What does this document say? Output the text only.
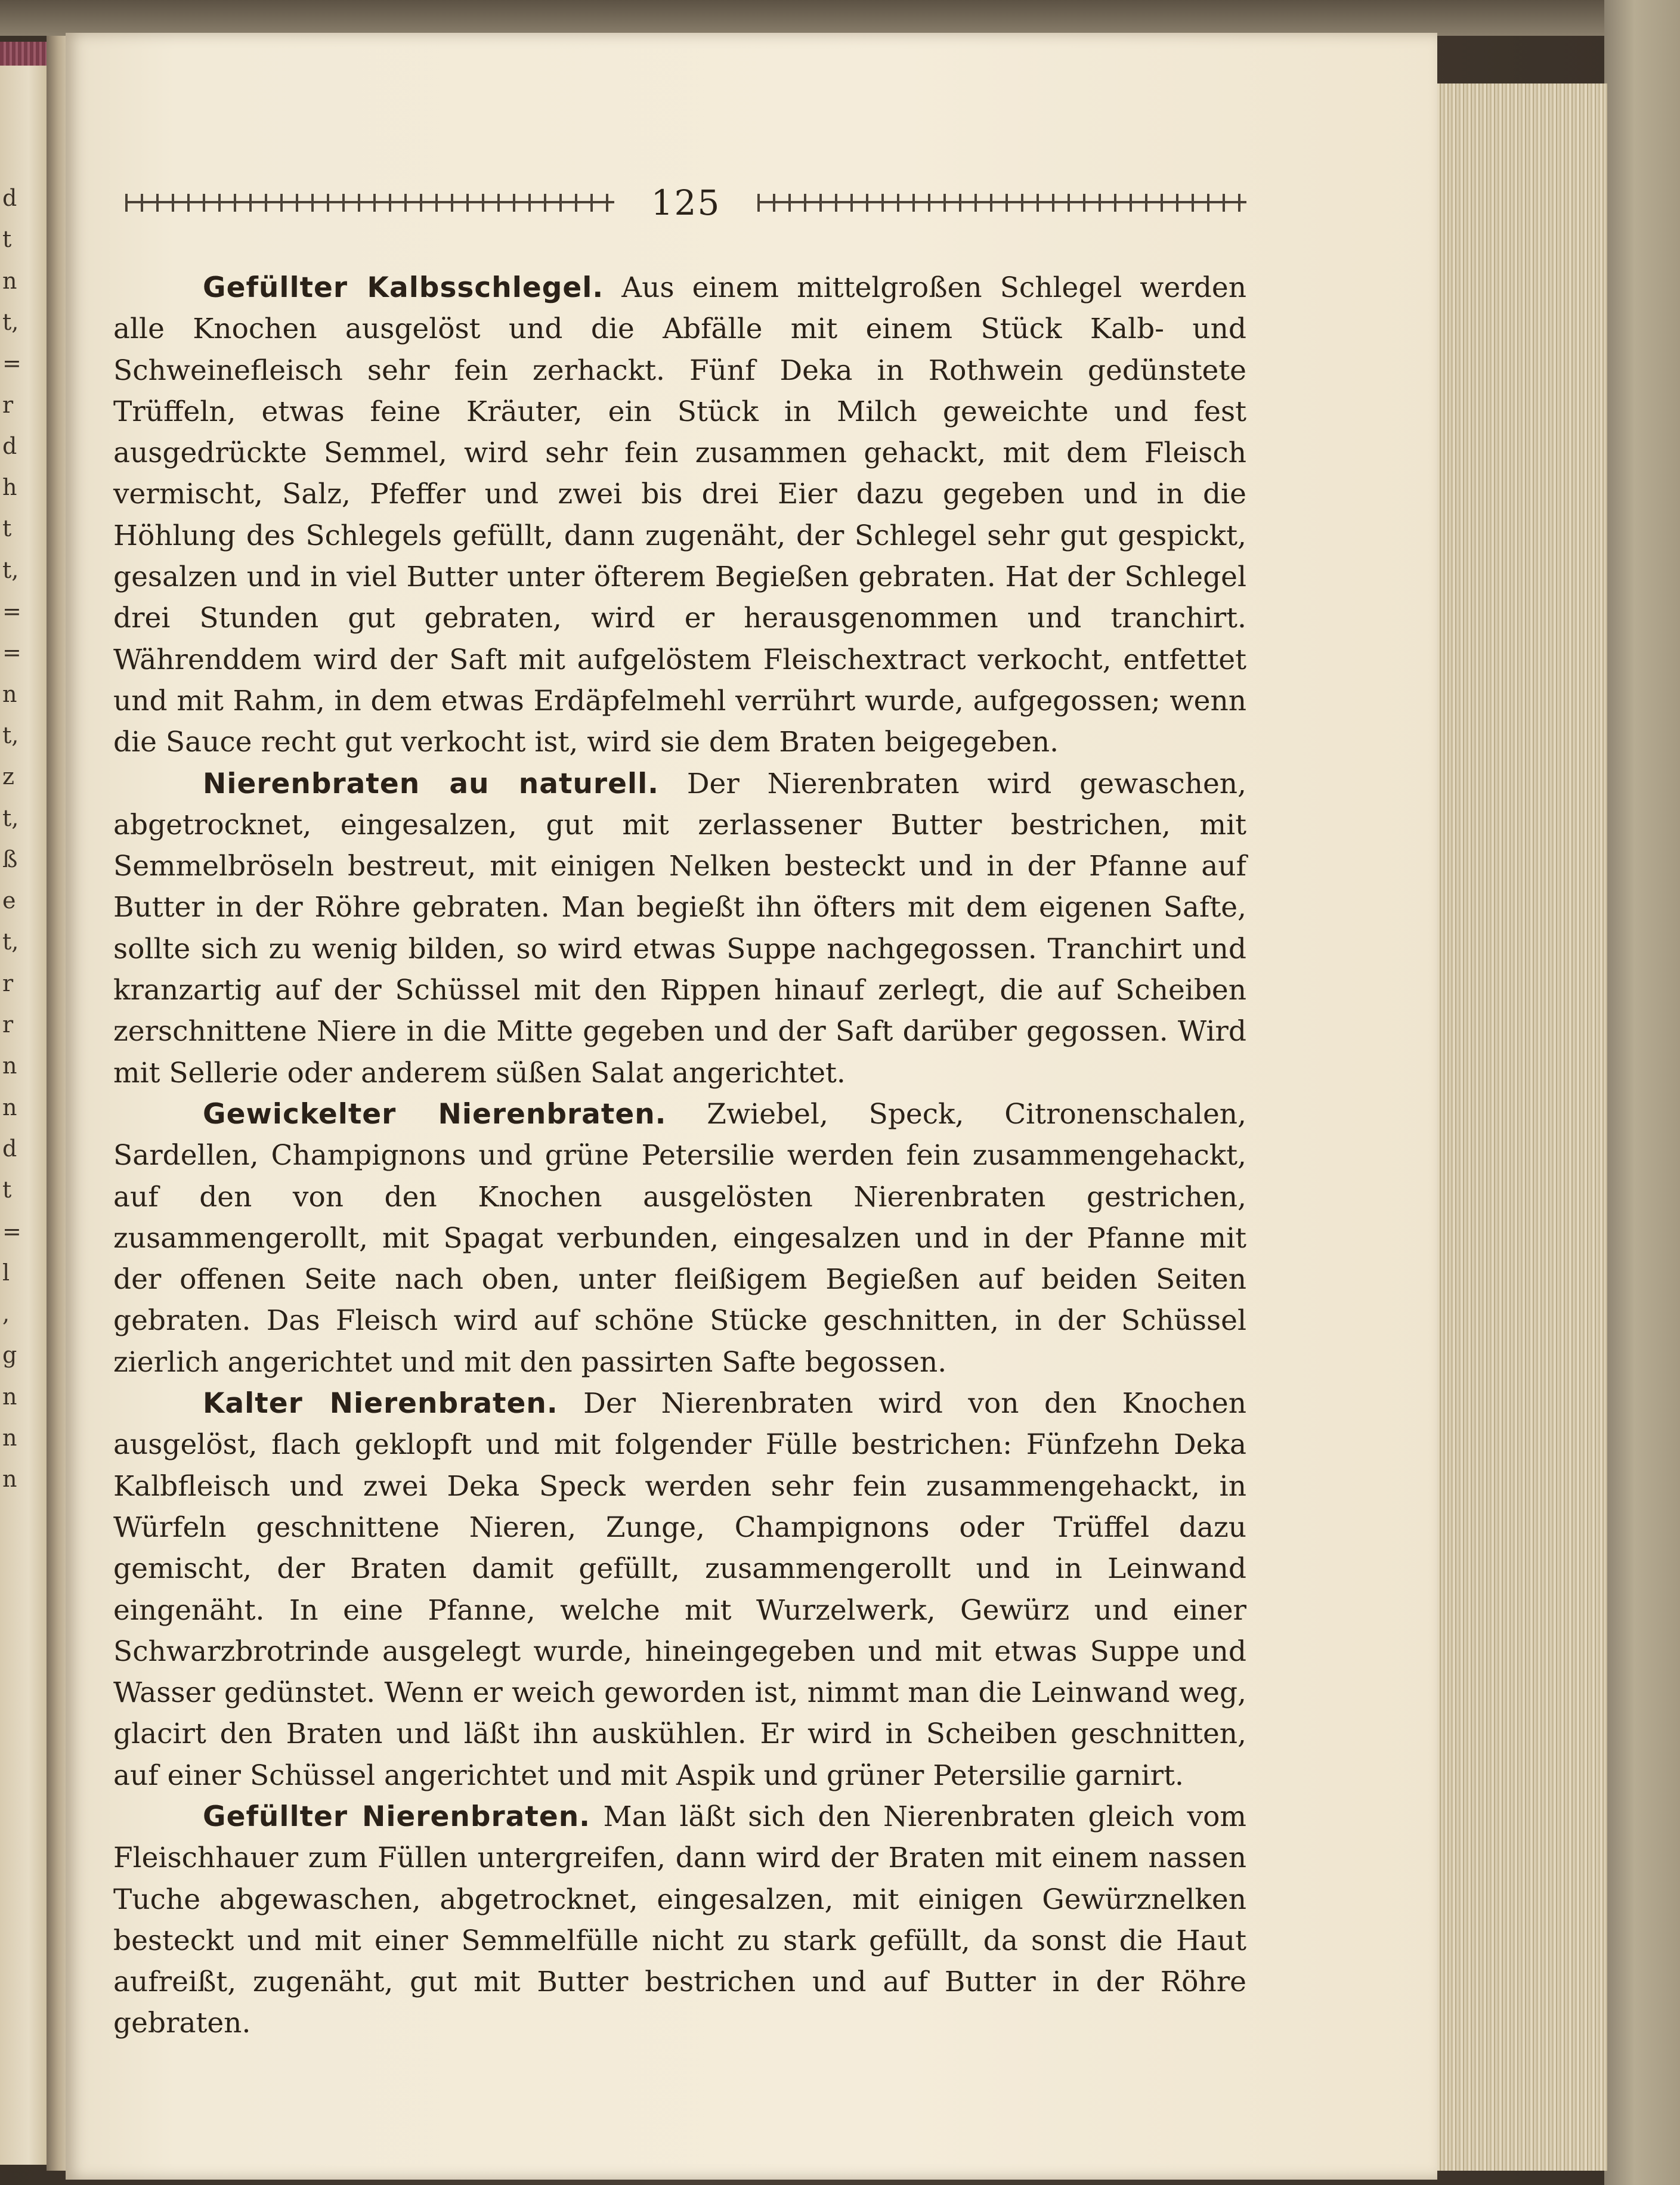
d
t
n
t,
=
r
d
h
t
t,
=
=
n
t,
z
t,
ß
e
t,
r
r
n
n
d
t
=
l
,
g
n
n
n
125

Gefüllter Kalbsschlegel. Aus einem mittelgroßen Schlegel werden alle Knochen ausgelöst und die Abfälle mit einem Stück Kalb- und Schweinefleisch sehr fein zerhackt. Fünf Deka in Rothwein gedünstete Trüffeln, etwas feine Kräuter, ein Stück in Milch geweichte und fest ausgedrückte Semmel, wird sehr fein zusammen gehackt, mit dem Fleisch vermischt, Salz, Pfeffer und zwei bis drei Eier dazu gegeben und in die Höhlung des Schlegels gefüllt, dann zugenäht, der Schlegel sehr gut gespickt, gesalzen und in viel Butter unter öfterem Begießen gebraten. Hat der Schlegel drei Stunden gut gebraten, wird er herausgenommen und tranchirt. Währenddem wird der Saft mit aufgelöstem Fleischextract verkocht, entfettet und mit Rahm, in dem etwas Erdäpfelmehl verrührt wurde, aufgegossen; wenn die Sauce recht gut verkocht ist, wird sie dem Braten beigegeben.

Nierenbraten au naturell. Der Nierenbraten wird gewaschen, abgetrocknet, eingesalzen, gut mit zerlassener Butter bestrichen, mit Semmelbröseln bestreut, mit einigen Nelken besteckt und in der Pfanne auf Butter in der Röhre gebraten. Man begießt ihn öfters mit dem eigenen Safte, sollte sich zu wenig bilden, so wird etwas Suppe nachgegossen. Tranchirt und kranzartig auf der Schüssel mit den Rippen hinauf zerlegt, die auf Scheiben zerschnittene Niere in die Mitte gegeben und der Saft darüber gegossen. Wird mit Sellerie oder anderem süßen Salat angerichtet.

Gewickelter Nierenbraten. Zwiebel, Speck, Citronenschalen, Sardellen, Champignons und grüne Petersilie werden fein zusammengehackt, auf den von den Knochen ausgelösten Nierenbraten gestrichen, zusammengerollt, mit Spagat verbunden, eingesalzen und in der Pfanne mit der offenen Seite nach oben, unter fleißigem Begießen auf beiden Seiten gebraten. Das Fleisch wird auf schöne Stücke geschnitten, in der Schüssel zierlich angerichtet und mit den passirten Safte begossen.

Kalter Nierenbraten. Der Nierenbraten wird von den Knochen ausgelöst, flach geklopft und mit folgender Fülle bestrichen: Fünfzehn Deka Kalbfleisch und zwei Deka Speck werden sehr fein zusammengehackt, in Würfeln geschnittene Nieren, Zunge, Champignons oder Trüffel dazu gemischt, der Braten damit gefüllt, zusammengerollt und in Leinwand eingenäht. In eine Pfanne, welche mit Wurzelwerk, Gewürz und einer Schwarzbrotrinde ausgelegt wurde, hineingegeben und mit etwas Suppe und Wasser gedünstet. Wenn er weich geworden ist, nimmt man die Leinwand weg, glacirt den Braten und läßt ihn auskühlen. Er wird in Scheiben geschnitten, auf einer Schüssel angerichtet und mit Aspik und grüner Petersilie garnirt.

Gefüllter Nierenbraten. Man läßt sich den Nierenbraten gleich vom Fleischhauer zum Füllen untergreifen, dann wird der Braten mit einem nassen Tuche abgewaschen, abgetrocknet, eingesalzen, mit einigen Gewürznelken besteckt und mit einer Semmelfülle nicht zu stark gefüllt, da sonst die Haut aufreißt, zugenäht, gut mit Butter bestrichen und auf Butter in der Röhre gebraten.
